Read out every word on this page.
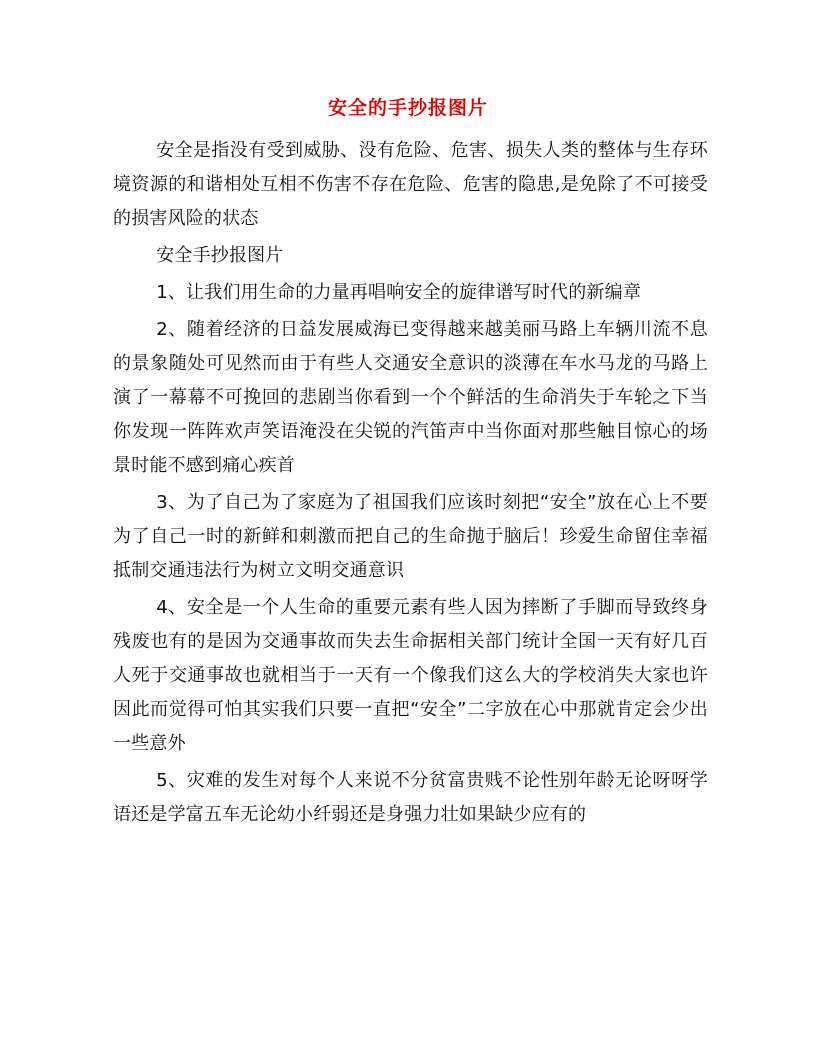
安全的手抄报图片

安全是指没有受到威胁、没有危险、危害、损失人类的整体与生存环境资源的和谐相处互相不伤害不存在危险、危害的隐患,是免除了不可接受的损害风险的状态

安全手抄报图片

1、让我们用生命的力量再唱响安全的旋律谱写时代的新编章

2、随着经济的日益发展威海已变得越来越美丽马路上车辆川流不息的景象随处可见然而由于有些人交通安全意识的淡薄在车水马龙的马路上演了一幕幕不可挽回的悲剧当你看到一个个鲜活的生命消失于车轮之下当你发现一阵阵欢声笑语淹没在尖锐的汽笛声中当你面对那些触目惊心的场景时能不感到痛心疾首

3、为了自己为了家庭为了祖国我们应该时刻把“安全”放在心上不要为了自己一时的新鲜和刺激而把自己的生命抛于脑后！珍爱生命留住幸福抵制交通违法行为树立文明交通意识

4、安全是一个人生命的重要元素有些人因为摔断了手脚而导致终身残废也有的是因为交通事故而失去生命据相关部门统计全国一天有好几百人死于交通事故也就相当于一天有一个像我们这么大的学校消失大家也许因此而觉得可怕其实我们只要一直把“安全”二字放在心中那就肯定会少出一些意外

5、灾难的发生对每个人来说不分贫富贵贱不论性别年龄无论呀呀学语还是学富五车无论幼小纤弱还是身强力壮如果缺少应有的
